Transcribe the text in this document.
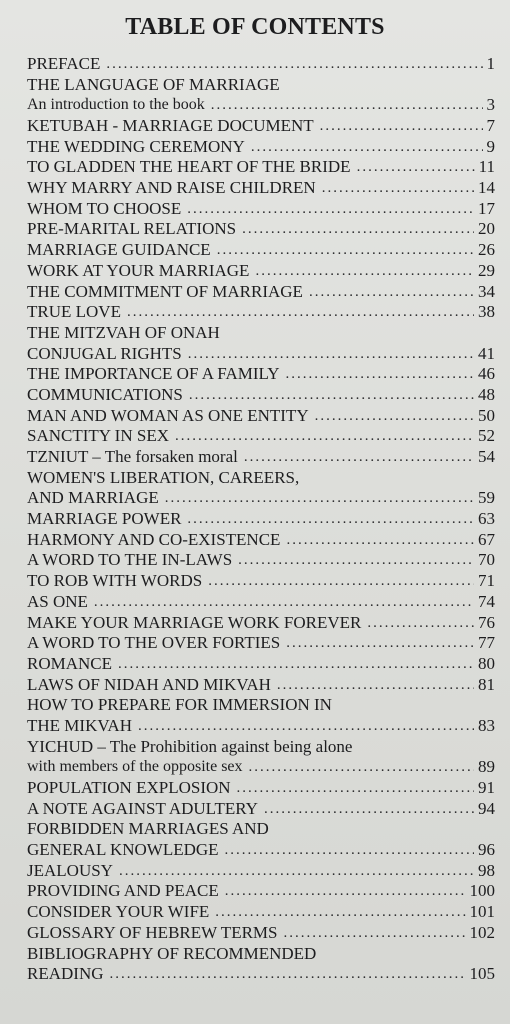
TABLE OF CONTENTS
PREFACE .....	1
THE LANGUAGE OF MARRIAGE
An introduction to the book .....	3
KETUBAH - MARRIAGE DOCUMENT .....	7
THE WEDDING CEREMONY .....	9
TO GLADDEN THE HEART OF THE BRIDE .....	11
WHY MARRY AND RAISE CHILDREN .....	14
WHOM TO CHOOSE .....	17
PRE-MARITAL RELATIONS .....	20
MARRIAGE GUIDANCE .....	26
WORK AT YOUR MARRIAGE .....	29
THE COMMITMENT OF MARRIAGE .....	34
TRUE LOVE .....	38
THE MITZVAH OF ONAH
CONJUGAL RIGHTS .....	41
THE IMPORTANCE OF A FAMILY .....	46
COMMUNICATIONS .....	48
MAN AND WOMAN AS ONE ENTITY .....	50
SANCTITY IN SEX .....	52
TZNIUT – The forsaken moral .....	54
WOMEN'S LIBERATION, CAREERS,
AND MARRIAGE .....	59
MARRIAGE POWER .....	63
HARMONY AND CO-EXISTENCE .....	67
A WORD TO THE IN-LAWS .....	70
TO ROB WITH WORDS .....	71
AS ONE .....	74
MAKE YOUR MARRIAGE WORK FOREVER .....	76
A WORD TO THE OVER FORTIES .....	77
ROMANCE .....	80
LAWS OF NIDAH AND MIKVAH .....	81
HOW TO PREPARE FOR IMMERSION IN
THE MIKVAH .....	83
YICHUD – The Prohibition against being alone
with members of the opposite sex .....	89
POPULATION EXPLOSION .....	91
A NOTE AGAINST ADULTERY .....	94
FORBIDDEN MARRIAGES AND
GENERAL KNOWLEDGE .....	96
JEALOUSY .....	98
PROVIDING AND PEACE .....	100
CONSIDER YOUR WIFE .....	101
GLOSSARY OF HEBREW TERMS .....	102
BIBLIOGRAPHY OF RECOMMENDED
READING .....	105
